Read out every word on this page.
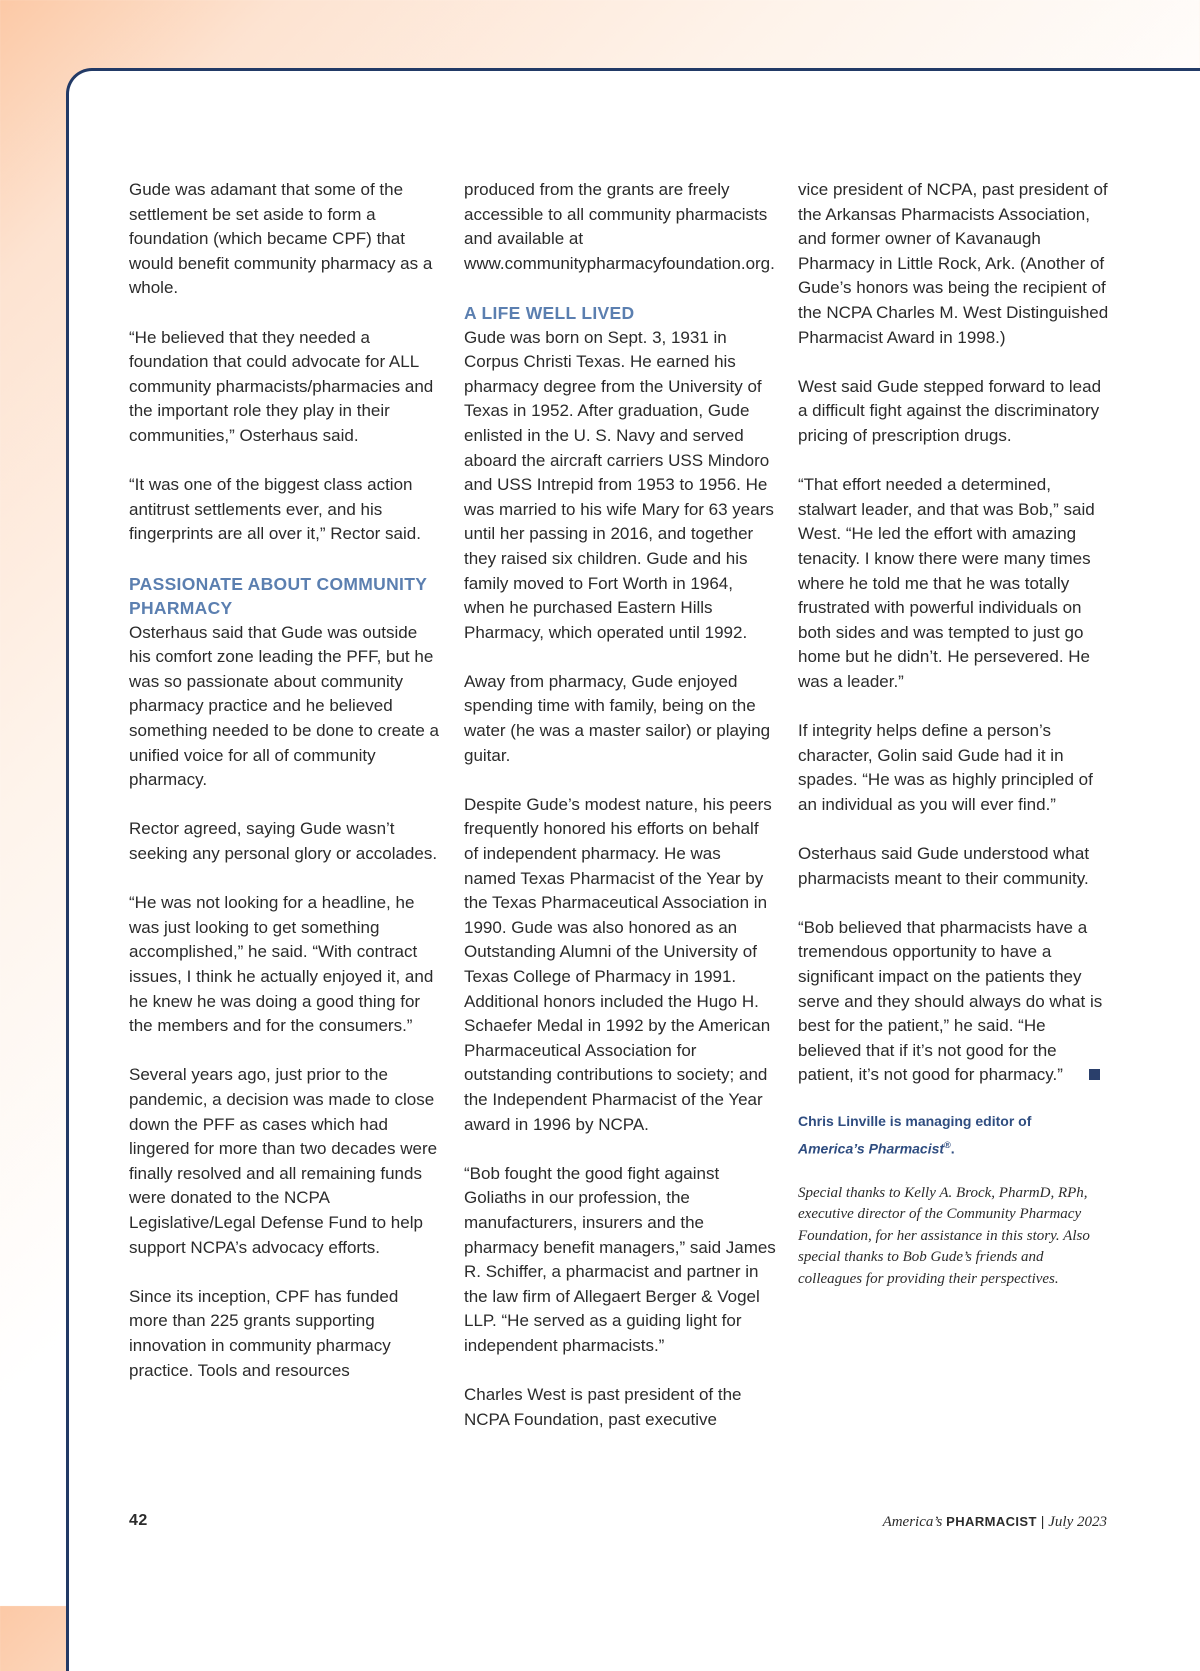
Gude was adamant that some of the settlement be set aside to form a foundation (which became CPF) that would benefit community pharmacy as a whole.

“He believed that they needed a foundation that could advocate for ALL community pharmacists/pharmacies and the important role they play in their communities,” Osterhaus said.

“It was one of the biggest class action antitrust settlements ever, and his fingerprints are all over it,” Rector said.

PASSIONATE ABOUT COMMUNITY PHARMACY

Osterhaus said that Gude was outside his comfort zone leading the PFF, but he was so passionate about community pharmacy practice and he believed something needed to be done to create a unified voice for all of community pharmacy.

Rector agreed, saying Gude wasn’t seeking any personal glory or accolades.

“He was not looking for a headline, he was just looking to get something accomplished,” he said. “With contract issues, I think he actually enjoyed it, and he knew he was doing a good thing for the members and for the consumers.”

Several years ago, just prior to the pandemic, a decision was made to close down the PFF as cases which had lingered for more than two decades were finally resolved and all remaining funds were donated to the NCPA Legislative/Legal Defense Fund to help support NCPA’s advocacy efforts.

Since its inception, CPF has funded more than 225 grants supporting innovation in community pharmacy practice. Tools and resources

produced from the grants are freely accessible to all community pharmacists and available at www.communitypharmacyfoundation.org.

A LIFE WELL LIVED

Gude was born on Sept. 3, 1931 in Corpus Christi Texas. He earned his pharmacy degree from the University of Texas in 1952. After graduation, Gude enlisted in the U. S. Navy and served aboard the aircraft carriers USS Mindoro and USS Intrepid from 1953 to 1956. He was married to his wife Mary for 63 years until her passing in 2016, and together they raised six children. Gude and his family moved to Fort Worth in 1964, when he purchased Eastern Hills Pharmacy, which operated until 1992.

Away from pharmacy, Gude enjoyed spending time with family, being on the water (he was a master sailor) or playing guitar.

Despite Gude’s modest nature, his peers frequently honored his efforts on behalf of independent pharmacy. He was named Texas Pharmacist of the Year by the Texas Pharmaceutical Association in 1990. Gude was also honored as an Outstanding Alumni of the University of Texas College of Pharmacy in 1991. Additional honors included the Hugo H. Schaefer Medal in 1992 by the American Pharmaceutical Association for outstanding contributions to society; and the Independent Pharmacist of the Year award in 1996 by NCPA.

“Bob fought the good fight against Goliaths in our profession, the manufacturers, insurers and the pharmacy benefit managers,” said James R. Schiffer, a pharmacist and partner in the law firm of Allegaert Berger & Vogel LLP. “He served as a guiding light for independent pharmacists.”

Charles West is past president of the NCPA Foundation, past executive

vice president of NCPA, past president of the Arkansas Pharmacists Association, and former owner of Kavanaugh Pharmacy in Little Rock, Ark. (Another of Gude’s honors was being the recipient of the NCPA Charles M. West Distinguished Pharmacist Award in 1998.)

West said Gude stepped forward to lead a difficult fight against the discriminatory pricing of prescription drugs.

“That effort needed a determined, stalwart leader, and that was Bob,” said West. “He led the effort with amazing tenacity. I know there were many times where he told me that he was totally frustrated with powerful individuals on both sides and was tempted to just go home but he didn’t. He persevered. He was a leader.”

If integrity helps define a person’s character, Golin said Gude had it in spades. “He was as highly principled of an individual as you will ever find.”

Osterhaus said Gude understood what pharmacists meant to their community.

“Bob believed that pharmacists have a tremendous opportunity to have a significant impact on the patients they serve and they should always do what is best for the patient,” he said. “He believed that if it’s not good for the patient, it’s not good for pharmacy.”

Chris Linville is managing editor of
America’s Pharmacist®.
Special thanks to Kelly A. Brock, PharmD, RPh, executive director of the Community Pharmacy Foundation, for her assistance in this story. Also special thanks to Bob Gude’s friends and colleagues for providing their perspectives.
42	America’s PHARMACIST | July 2023
